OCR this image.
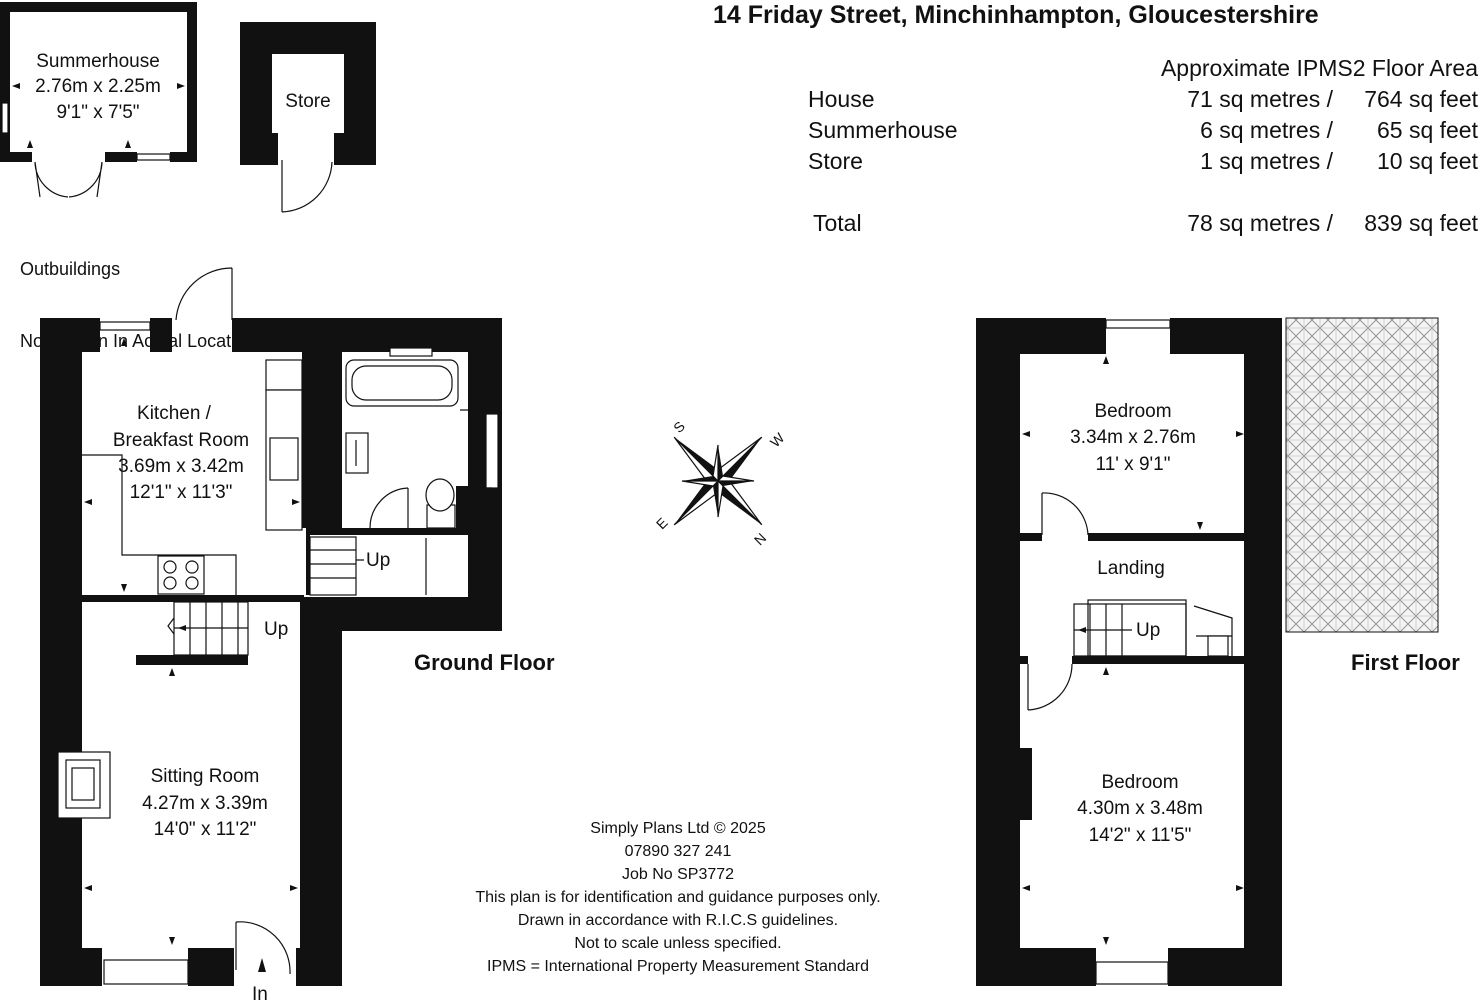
Summerhouse
2.76m x 2.25m
9'1" x 7'5"
Store
Kitchen /
Breakfast Room
3.69m x 3.42m
12'1" x 11'3"
Sitting Room
4.27m x 3.39m
14'0" x 11'2"
Up
Up
In
Bedroom
3.34m x 2.76m
11' x 9'1"
Landing
Up
Bedroom
4.30m x 3.48m
14'2" x 11'5"
S
W
E
N
14 Friday Street, Minchinhampton, Gloucestershire
Approximate IPMS2 Floor Area
House	71 sq metres / 764 sq feet
Summerhouse	6 sq metres / 65 sq feet
Store	1 sq metres / 10 sq feet
Total	78 sq metres / 839 sq feet

Outbuildings

Not Shown In Actual Location Or Orientation

Ground Floor	First Floor
Simply Plans Ltd © 2025
07890 327 241
Job No SP3772
This plan is for identification and guidance purposes only.
Drawn in accordance with R.I.C.S guidelines.
Not to scale unless specified.
IPMS = International Property Measurement Standard
